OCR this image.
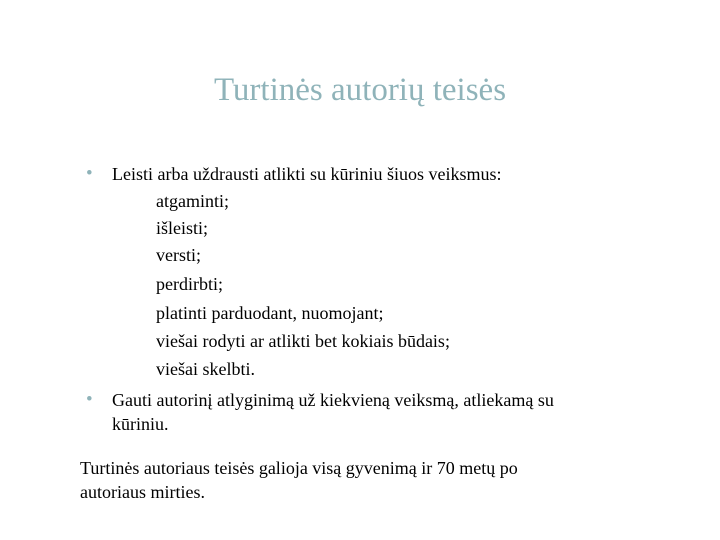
Turtinės autorių teisės
• Leisti arba uždrausti atlikti su kūriniu šiuos veiksmus:
atgaminti;
išleisti;
versti;
perdirbti;
platinti parduodant, nuomojant;
viešai rodyti ar atlikti bet kokiais būdais;
viešai skelbti.
• Gauti autorinį atlyginimą už kiekvieną veiksmą, atliekamą su
kūriniu.
Turtinės autoriaus teisės galioja visą gyvenimą ir 70 metų po
autoriaus mirties.
